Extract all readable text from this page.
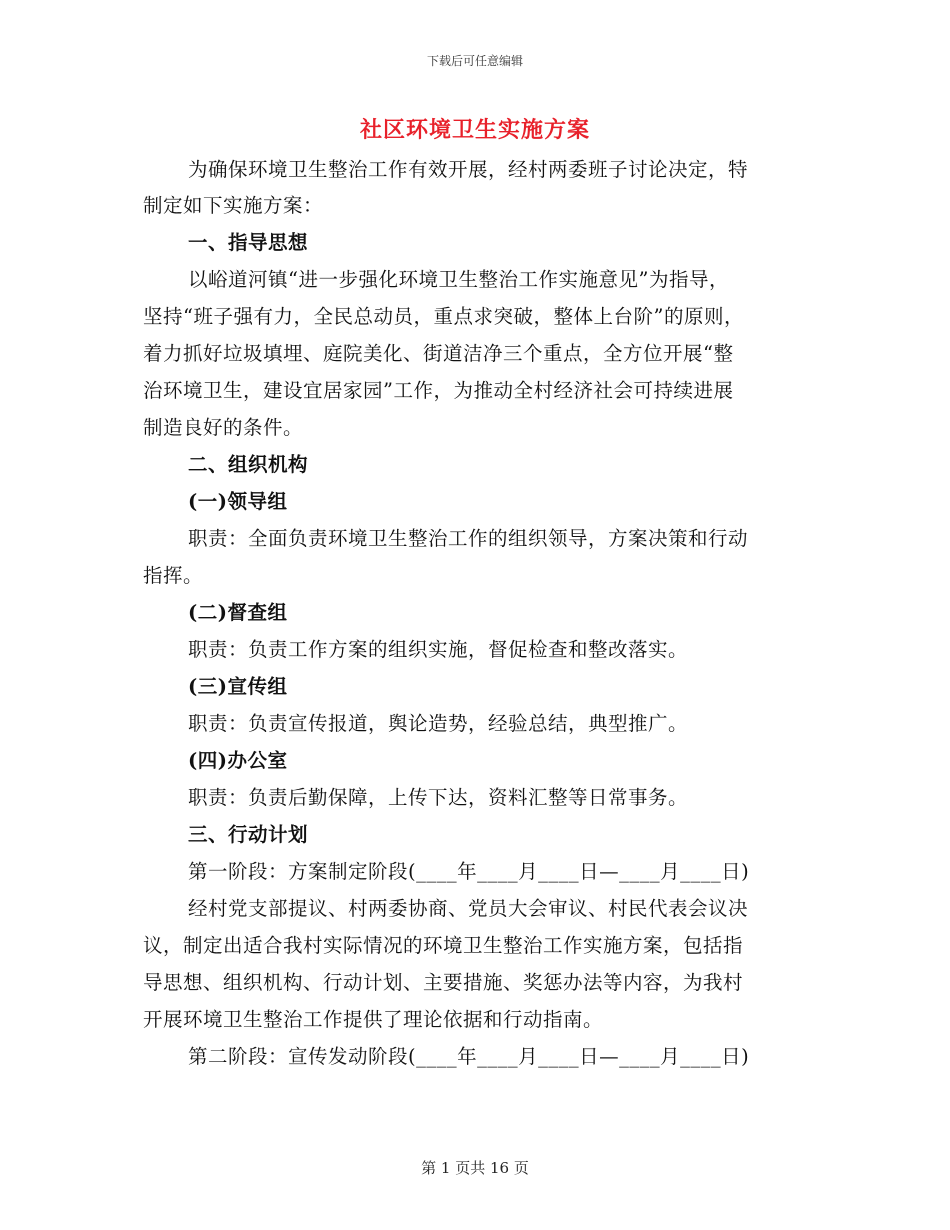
下载后可任意编辑
社区环境卫生实施方案
为确保环境卫生整治工作有效开展，经村两委班子讨论决定，特
制定如下实施方案：
一、指导思想
以峪道河镇“进一步强化环境卫生整治工作实施意见”为指导，
坚持“班子强有力，全民总动员，重点求突破，整体上台阶”的原则，
着力抓好垃圾填埋、庭院美化、街道洁净三个重点，全方位开展“整
治环境卫生，建设宜居家园”工作，为推动全村经济社会可持续进展
制造良好的条件。
二、组织机构
(一)领导组
职责：全面负责环境卫生整治工作的组织领导，方案决策和行动
指挥。
(二)督查组
职责：负责工作方案的组织实施，督促检查和整改落实。
(三)宣传组
职责：负责宣传报道，舆论造势，经验总结，典型推广。
(四)办公室
职责：负责后勤保障，上传下达，资料汇整等日常事务。
三、行动计划
第一阶段：方案制定阶段(____年____月____日—____月____日)
经村党支部提议、村两委协商、党员大会审议、村民代表会议决
议，制定出适合我村实际情况的环境卫生整治工作实施方案，包括指
导思想、组织机构、行动计划、主要措施、奖惩办法等内容，为我村
开展环境卫生整治工作提供了理论依据和行动指南。
第二阶段：宣传发动阶段(____年____月____日—____月____日)
第 1 页共 16 页
